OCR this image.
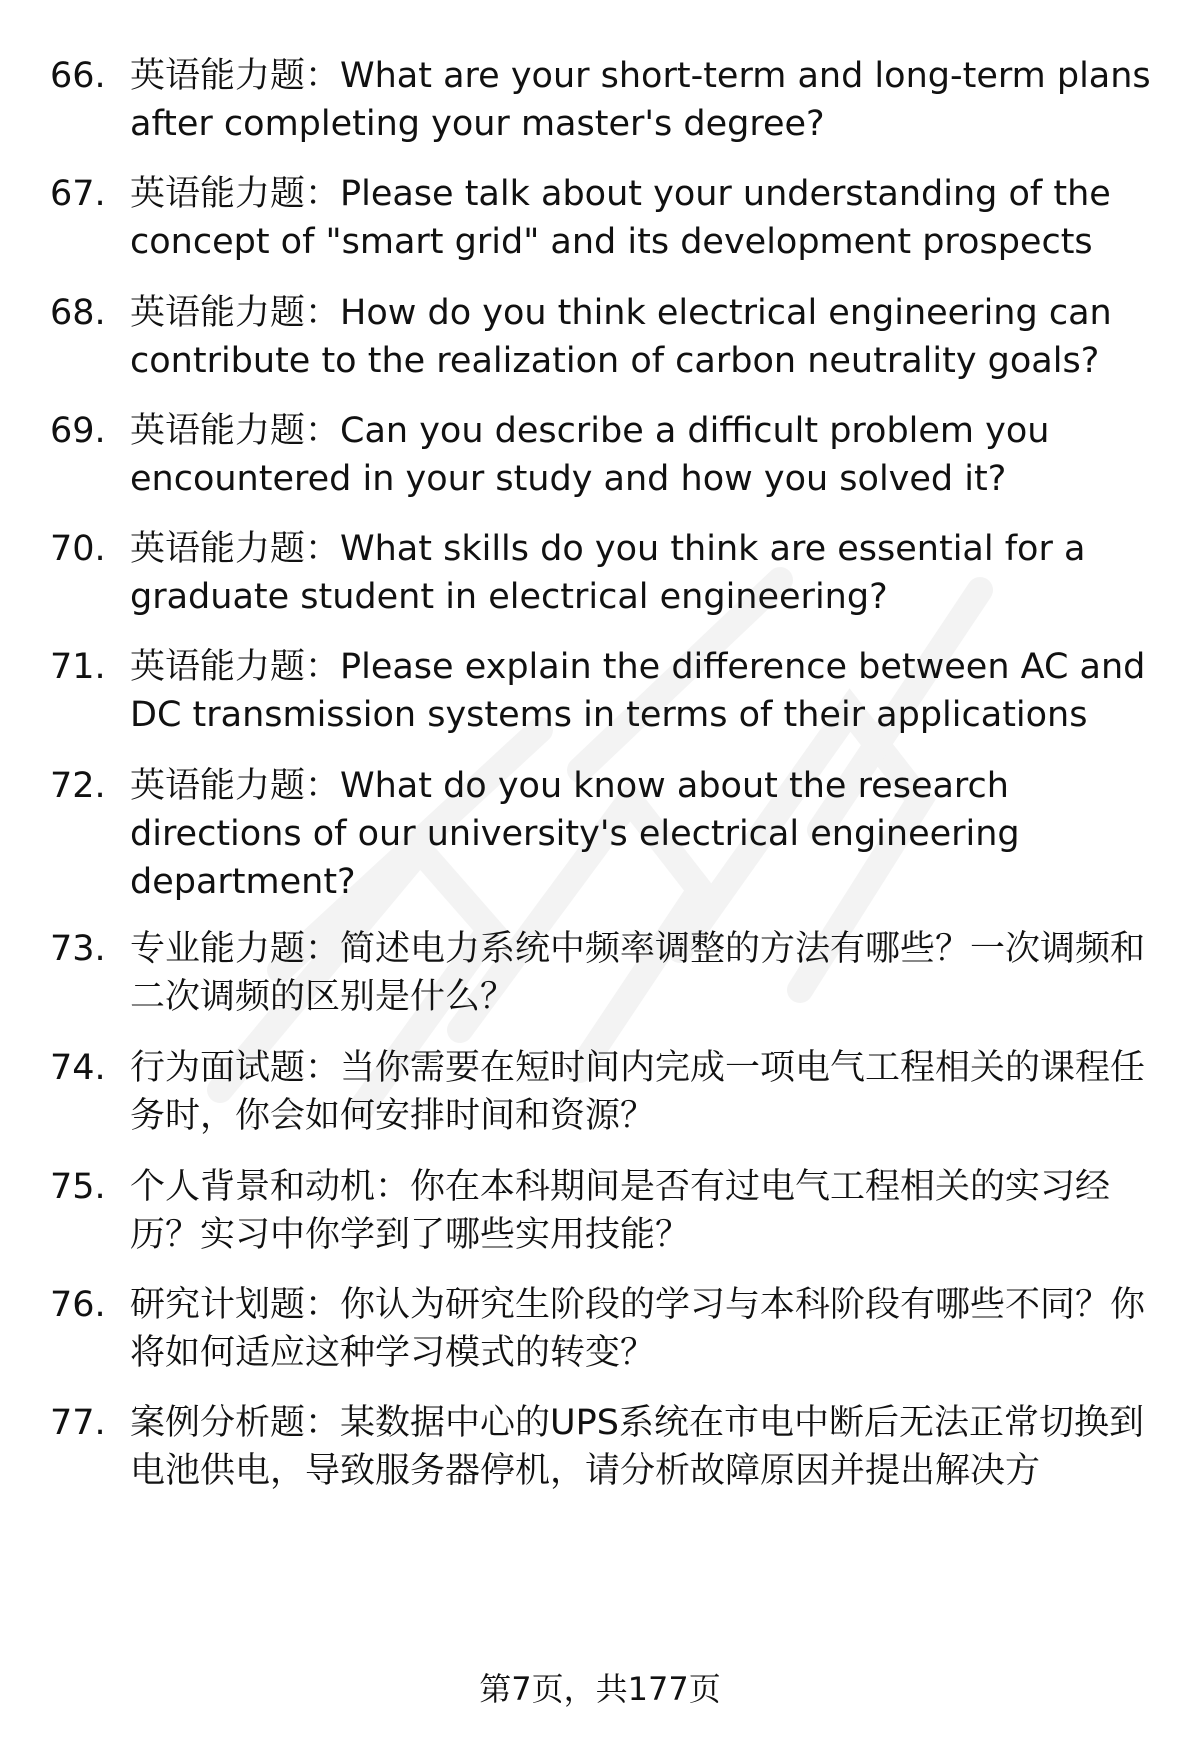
66. 英语能力题：What are your short-term and long-term plans after completing your master's degree?
67. 英语能力题：Please talk about your understanding of the concept of "smart grid" and its development prospects
68. 英语能力题：How do you think electrical engineering can contribute to the realization of carbon neutrality goals?
69. 英语能力题：Can you describe a difficult problem you encountered in your study and how you solved it?
70. 英语能力题：What skills do you think are essential for a graduate student in electrical engineering?
71. 英语能力题：Please explain the difference between AC and DC transmission systems in terms of their applications
72. 英语能力题：What do you know about the research directions of our university's electrical engineering department?
73. 专业能力题：简述电力系统中频率调整的方法有哪些？一次调频和二次调频的区别是什么？
74. 行为面试题：当你需要在短时间内完成一项电气工程相关的课程任务时，你会如何安排时间和资源？
75. 个人背景和动机：你在本科期间是否有过电气工程相关的实习经历？实习中你学到了哪些实用技能？
76. 研究计划题：你认为研究生阶段的学习与本科阶段有哪些不同？你将如何适应这种学习模式的转变？
77. 案例分析题：某数据中心的UPS系统在市电中断后无法正常切换到电池供电，导致服务器停机，请分析故障原因并提出解决方
第7页，共177页
